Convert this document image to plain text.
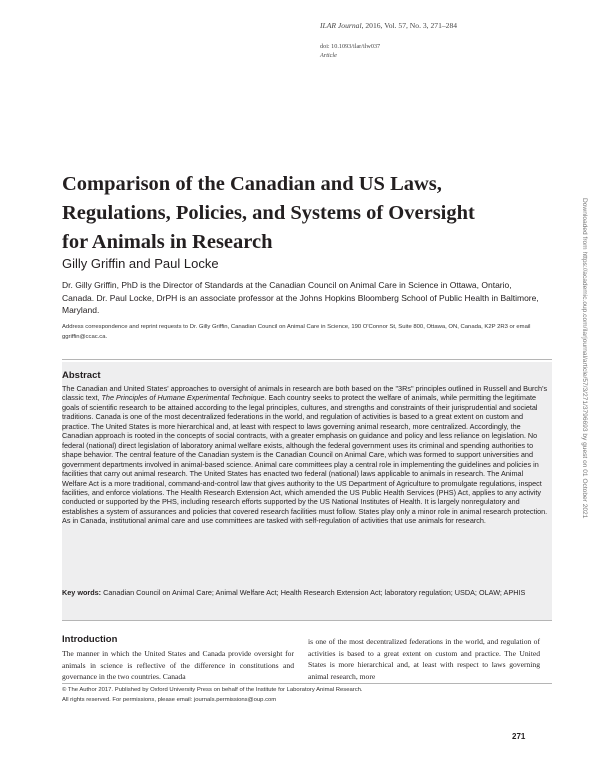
ILAR Journal, 2016, Vol. 57, No. 3, 271–284
doi: 10.1093/ilar/ilw037
Article
Comparison of the Canadian and US Laws, Regulations, Policies, and Systems of Oversight for Animals in Research
Gilly Griffin and Paul Locke
Dr. Gilly Griffin, PhD is the Director of Standards at the Canadian Council on Animal Care in Science in Ottawa, Ontario, Canada. Dr. Paul Locke, DrPH is an associate professor at the Johns Hopkins Bloomberg School of Public Health in Baltimore, Maryland.
Address correspondence and reprint requests to Dr. Gilly Griffin, Canadian Council on Animal Care in Science, 190 O'Connor St, Suite 800, Ottawa, ON, Canada, K2P 2R3 or email ggriffin@ccac.ca.
Abstract
The Canadian and United States' approaches to oversight of animals in research are both based on the "3Rs" principles outlined in Russell and Burch's classic text, The Principles of Humane Experimental Technique. Each country seeks to protect the welfare of animals, while permitting the legitimate goals of scientific research to be attained according to the legal principles, cultures, and strengths and constraints of their jurisprudential and societal traditions. Canada is one of the most decentralized federations in the world, and regulation of activities is based to a great extent on custom and practice. The United States is more hierarchical and, at least with respect to laws governing animal research, more centralized. Accordingly, the Canadian approach is rooted in the concepts of social contracts, with a greater emphasis on guidance and policy and less reliance on legislation. No federal (national) direct legislation of laboratory animal welfare exists, although the federal government uses its criminal and spending authorities to shape behavior. The central feature of the Canadian system is the Canadian Council on Animal Care, which was formed to support universities and government departments involved in animal-based science. Animal care committees play a central role in implementing the guidelines and policies in facilities that carry out animal research. The United States has enacted two federal (national) laws applicable to animals in research. The Animal Welfare Act is a more traditional, command-and-control law that gives authority to the US Department of Agriculture to promulgate regulations, inspect facilities, and enforce violations. The Health Research Extension Act, which amended the US Public Health Services (PHS) Act, applies to any activity conducted or supported by the PHS, including research efforts supported by the US National Institutes of Health. It is largely nonregulatory and establishes a system of assurances and policies that covered research facilities must follow. States play only a minor role in animal research protection. As in Canada, institutional animal care and use committees are tasked with self-regulation of activities that use animals for research.
Key words: Canadian Council on Animal Care; Animal Welfare Act; Health Research Extension Act; laboratory regulation; USDA; OLAW; APHIS
Introduction
The manner in which the United States and Canada provide oversight for animals in science is reflective of the difference in constitutions and governance in the two countries. Canada
is one of the most decentralized federations in the world, and regulation of activities is based to a great extent on custom and practice. The United States is more hierarchical and, at least with respect to laws governing animal research, more
© The Author 2017. Published by Oxford University Press on behalf of the Institute for Laboratory Animal Research.
All rights reserved. For permissions, please email: journals.permissions@oup.com
271
Downloaded from https://academic.oup.com/ilarjournal/article/57/3/271/3796693 by guest on 01 October 2021
